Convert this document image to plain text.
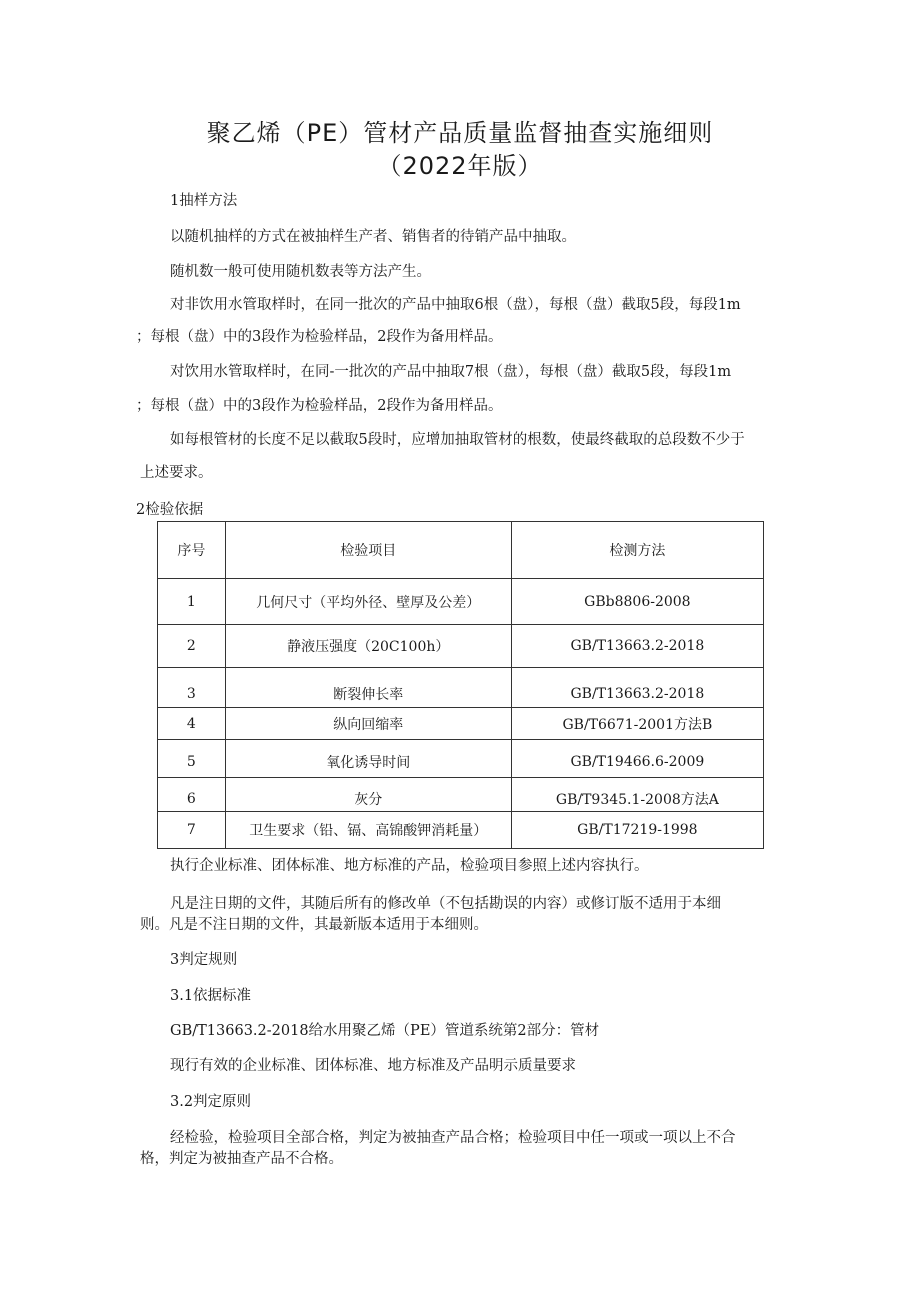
聚乙烯（PE）管材产品质量监督抽查实施细则
（2022年版）
1抽样方法
以随机抽样的方式在被抽样生产者、销售者的待销产品中抽取。
随机数一般可使用随机数表等方法产生。
对非饮用水管取样时，在同一批次的产品中抽取6根（盘），每根（盘）截取5段，每段1m
；每根（盘）中的3段作为检验样品，2段作为备用样品。
对饮用水管取样时，在同-一批次的产品中抽取7根（盘），每根（盘）截取5段，每段1m
；每根（盘）中的3段作为检验样品，2段作为备用样品。
如每根管材的长度不足以截取5段时，应增加抽取管材的根数，使最终截取的总段数不少于
上述要求。
2检验依据
序号	检验项目	检测方法
1	几何尺寸（平均外径、壁厚及公差）	GBb8806-2008
2	静液压强度（20C100h）	GB/T13663.2-2018
3	断裂伸长率	GB/T13663.2-2018
4	纵向回缩率	GB/T6671-2001方法B
5	氧化诱导时间	GB/T19466.6-2009
6	灰分	GB/T9345.1-2008方法A
7	卫生要求（铅、镉、高锦酸钾消耗量）	GB/T17219-1998
执行企业标准、团体标准、地方标准的产品，检验项目参照上述内容执行。
凡是注日期的文件，其随后所有的修改单（不包括勘误的内容）或修订版不适用于本细
则。凡是不注日期的文件，其最新版本适用于本细则。
3判定规则
3.1依据标准
GB/T13663.2-2018给水用聚乙烯（PE）管道系统第2部分：管材
现行有效的企业标准、团体标准、地方标准及产品明示质量要求
3.2判定原则
经检验，检验项目全部合格，判定为被抽查产品合格；检验项目中任一项或一项以上不合
格，判定为被抽查产品不合格。
